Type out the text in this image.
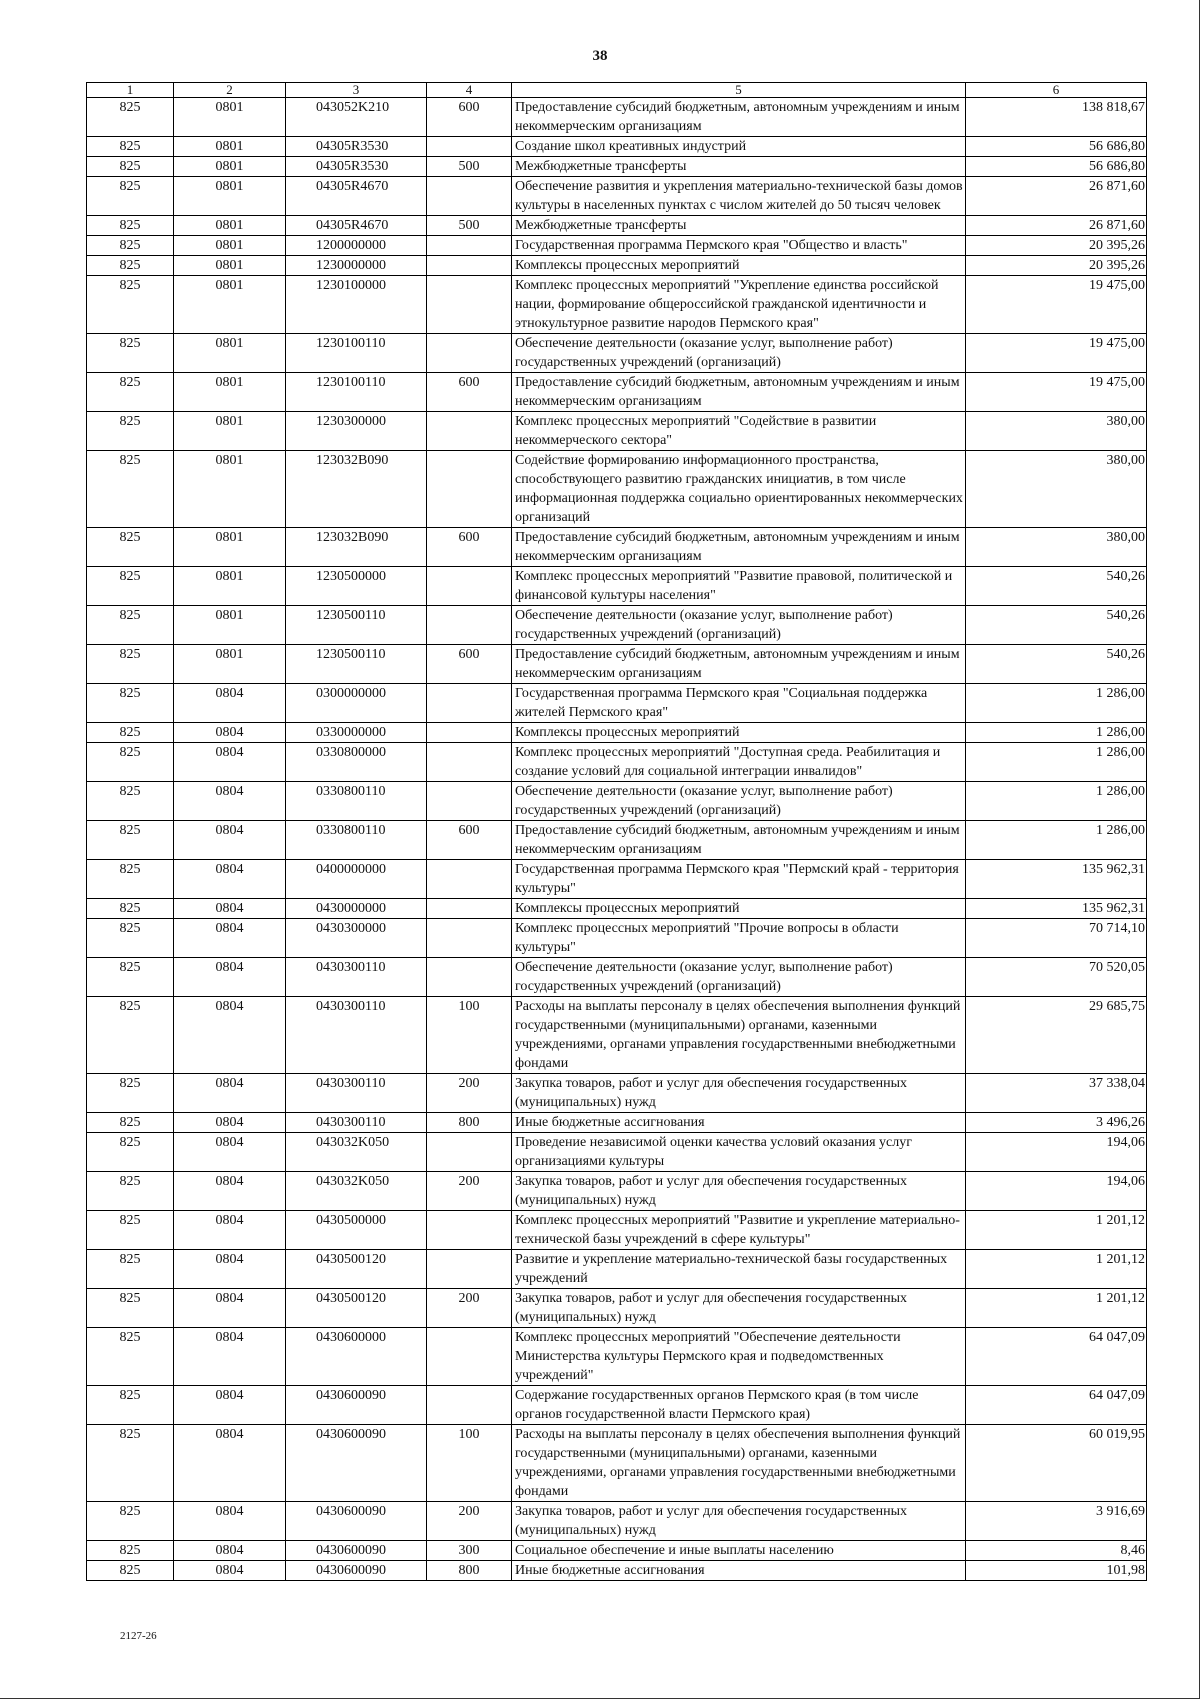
38
1	2	3	4	5	6
825	0801	043052K210	600	Предоставление субсидий бюджетным, автономным учреждениям и иным некоммерческим организациям	138 818,67
825	0801	04305R3530		Создание школ креативных индустрий	56 686,80
825	0801	04305R3530	500	Межбюджетные трансферты	56 686,80
825	0801	04305R4670		Обеспечение развития и укрепления материально-технической базы домов культуры в населенных пунктах с числом жителей до 50 тысяч человек	26 871,60
825	0801	04305R4670	500	Межбюджетные трансферты	26 871,60
825	0801	1200000000		Государственная программа Пермского края "Общество и власть"	20 395,26
825	0801	1230000000		Комплексы процессных мероприятий	20 395,26
825	0801	1230100000		Комплекс процессных мероприятий "Укрепление единства российской нации, формирование общероссийской гражданской идентичности и этнокультурное развитие народов Пермского края"	19 475,00
825	0801	1230100110		Обеспечение деятельности (оказание услуг, выполнение работ) государственных учреждений (организаций)	19 475,00
825	0801	1230100110	600	Предоставление субсидий бюджетным, автономным учреждениям и иным некоммерческим организациям	19 475,00
825	0801	1230300000		Комплекс процессных мероприятий "Содействие в развитии некоммерческого сектора"	380,00
825	0801	123032В090		Содействие формированию информационного пространства, способствующего развитию гражданских инициатив, в том числе информационная поддержка социально ориентированных некоммерческих организаций	380,00
825	0801	123032В090	600	Предоставление субсидий бюджетным, автономным учреждениям и иным некоммерческим организациям	380,00
825	0801	1230500000		Комплекс процессных мероприятий "Развитие правовой, политической и финансовой культуры населения"	540,26
825	0801	1230500110		Обеспечение деятельности (оказание услуг, выполнение работ) государственных учреждений (организаций)	540,26
825	0801	1230500110	600	Предоставление субсидий бюджетным, автономным учреждениям и иным некоммерческим организациям	540,26
825	0804	0300000000		Государственная программа Пермского края "Социальная поддержка жителей Пермского края"	1 286,00
825	0804	0330000000		Комплексы процессных мероприятий	1 286,00
825	0804	0330800000		Комплекс процессных мероприятий "Доступная среда. Реабилитация и создание условий для социальной интеграции инвалидов"	1 286,00
825	0804	0330800110		Обеспечение деятельности (оказание услуг, выполнение работ) государственных учреждений (организаций)	1 286,00
825	0804	0330800110	600	Предоставление субсидий бюджетным, автономным учреждениям и иным некоммерческим организациям	1 286,00
825	0804	0400000000		Государственная программа Пермского края "Пермский край - территория культуры"	135 962,31
825	0804	0430000000		Комплексы процессных мероприятий	135 962,31
825	0804	0430300000		Комплекс процессных мероприятий "Прочие вопросы в области культуры"	70 714,10
825	0804	0430300110		Обеспечение деятельности (оказание услуг, выполнение работ) государственных учреждений (организаций)	70 520,05
825	0804	0430300110	100	Расходы на выплаты персоналу в целях обеспечения выполнения функций государственными (муниципальными) органами, казенными учреждениями, органами управления государственными внебюджетными фондами	29 685,75
825	0804	0430300110	200	Закупка товаров, работ и услуг для обеспечения государственных (муниципальных) нужд	37 338,04
825	0804	0430300110	800	Иные бюджетные ассигнования	3 496,26
825	0804	043032K050		Проведение независимой оценки качества условий оказания услуг организациями культуры	194,06
825	0804	043032K050	200	Закупка товаров, работ и услуг для обеспечения государственных (муниципальных) нужд	194,06
825	0804	0430500000		Комплекс процессных мероприятий "Развитие и укрепление материально-технической базы учреждений в сфере культуры"	1 201,12
825	0804	0430500120		Развитие и укрепление материально-технической базы государственных учреждений	1 201,12
825	0804	0430500120	200	Закупка товаров, работ и услуг для обеспечения государственных (муниципальных) нужд	1 201,12
825	0804	0430600000		Комплекс процессных мероприятий "Обеспечение деятельности Министерства культуры Пермского края и подведомственных учреждений"	64 047,09
825	0804	0430600090		Содержание государственных органов Пермского края (в том числе органов государственной власти Пермского края)	64 047,09
825	0804	0430600090	100	Расходы на выплаты персоналу в целях обеспечения выполнения функций государственными (муниципальными) органами, казенными учреждениями, органами управления государственными внебюджетными фондами	60 019,95
825	0804	0430600090	200	Закупка товаров, работ и услуг для обеспечения государственных (муниципальных) нужд	3 916,69
825	0804	0430600090	300	Социальное обеспечение и иные выплаты населению	8,46
825	0804	0430600090	800	Иные бюджетные ассигнования	101,98
2127-26
